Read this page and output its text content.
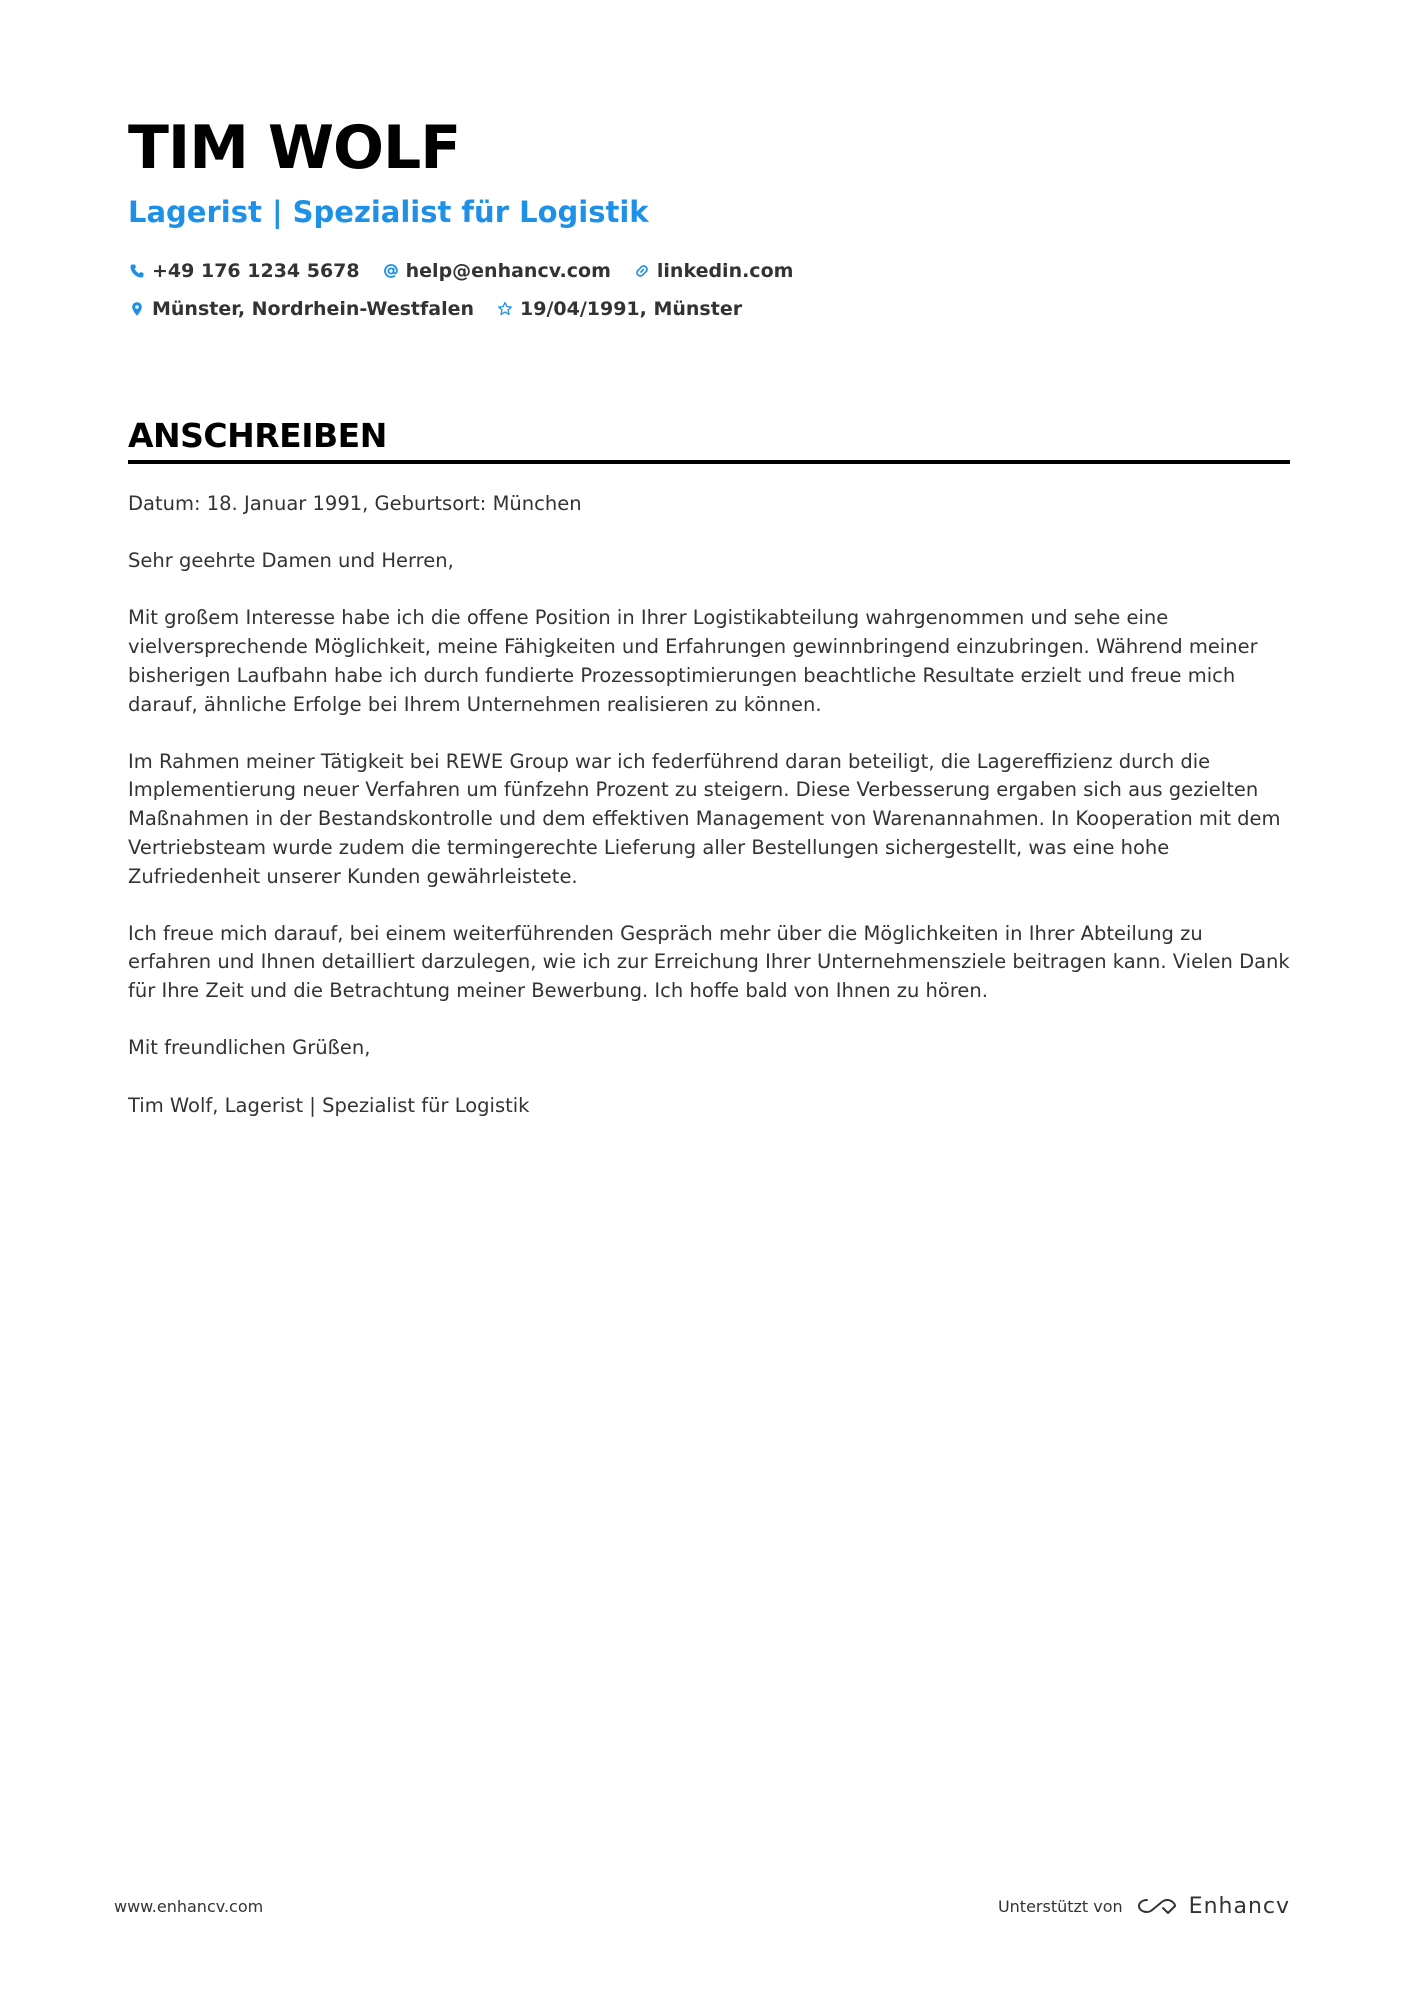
TIM WOLF
Lagerist | Spezialist für Logistik
+49 176 1234 5678 help@enhancv.com linkedin.com
Münster, Nordrhein-Westfalen 19/04/1991, Münster
ANSCHREIBEN

Datum: 18. Januar 1991, Geburtsort: München

Sehr geehrte Damen und Herren,

Mit großem Interesse habe ich die offene Position in Ihrer Logistikabteilung wahrgenommen und sehe eine vielversprechende Möglichkeit, meine Fähigkeiten und Erfahrungen gewinnbringend einzubringen. Während meiner bisherigen Laufbahn habe ich durch fundierte Prozessoptimierungen beachtliche Resultate erzielt und freue mich darauf, ähnliche Erfolge bei Ihrem Unternehmen realisieren zu können.

Im Rahmen meiner Tätigkeit bei REWE Group war ich federführend daran beteiligt, die Lagereffizienz durch die Implementierung neuer Verfahren um fünfzehn Prozent zu steigern. Diese Verbesserung ergaben sich aus gezielten Maßnahmen in der Bestandskontrolle und dem effektiven Management von Warenannahmen. In Kooperation mit dem Vertriebsteam wurde zudem die termingerechte Lieferung aller Bestellungen sichergestellt, was eine hohe Zufriedenheit unserer Kunden gewährleistete.

Ich freue mich darauf, bei einem weiterführenden Gespräch mehr über die Möglichkeiten in Ihrer Abteilung zu erfahren und Ihnen detailliert darzulegen, wie ich zur Erreichung Ihrer Unternehmensziele beitragen kann. Vielen Dank für Ihre Zeit und die Betrachtung meiner Bewerbung. Ich hoffe bald von Ihnen zu hören.

Mit freundlichen Grüßen,

Tim Wolf, Lagerist | Spezialist für Logistik

www.enhancv.com	Unterstützt von	Enhancv
